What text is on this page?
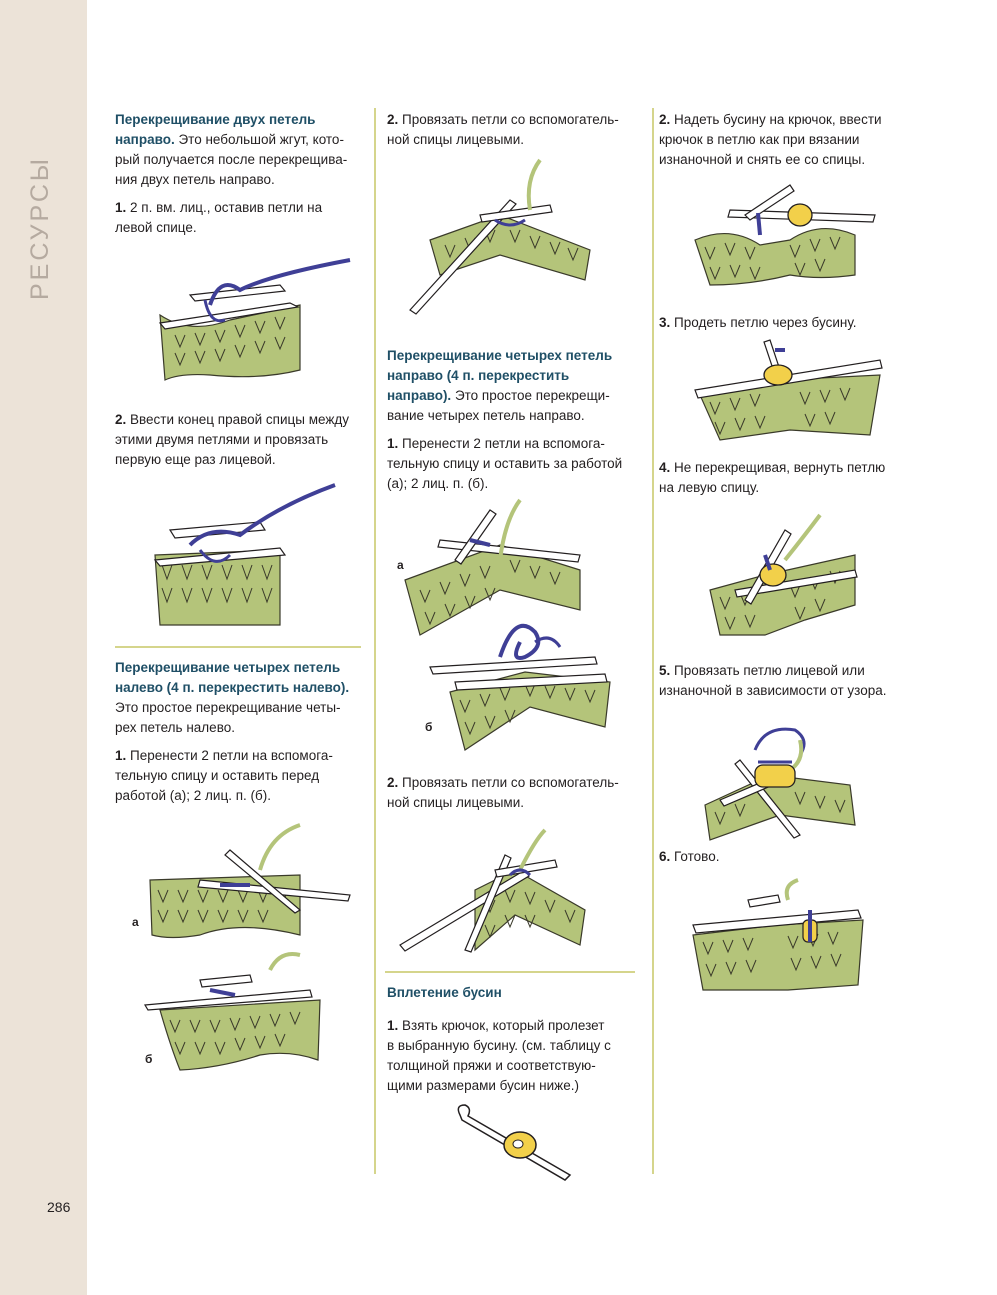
РЕСУРСЫ
286
Перекрещивание двух петель
направо. Это небольшой жгут, кото-
рый получается после перекрещива-
ния двух петель направо.
1. 2 п. вм. лиц., оставив петли на
левой спице.
2. Ввести конец правой спицы между
этими двумя петлями и провязать
первую еще раз лицевой.
Перекрещивание четырех петель
налево (4 п. перекрестить налево).
Это простое перекрещивание четы-
рех петель налево.
1. Перенести 2 петли на вспомога-
тельную спицу и оставить перед
работой (а); 2 лиц. п. (б).
а
б
2. Провязать петли со вспомогатель-
ной спицы лицевыми.
Перекрещивание четырех петель
направо (4 п. перекрестить
направо). Это простое перекрещи-
вание четырех петель направо.
1. Перенести 2 петли на вспомога-
тельную спицу и оставить за работой
(а); 2 лиц. п. (б).
а
б
2. Провязать петли со вспомогатель-
ной спицы лицевыми.
Вплетение бусин
1. Взять крючок, который пролезет
в выбранную бусину. (см. таблицу с
толщиной пряжи и соответствую-
щими размерами бусин ниже.)
2. Надеть бусину на крючок, ввести
крючок в петлю как при вязании
изнаночной и снять ее со спицы.
3. Продеть петлю через бусину.
4. Не перекрещивая, вернуть петлю
на левую спицу.
5. Провязать петлю лицевой или
изнаночной в зависимости от узора.
6. Готово.
